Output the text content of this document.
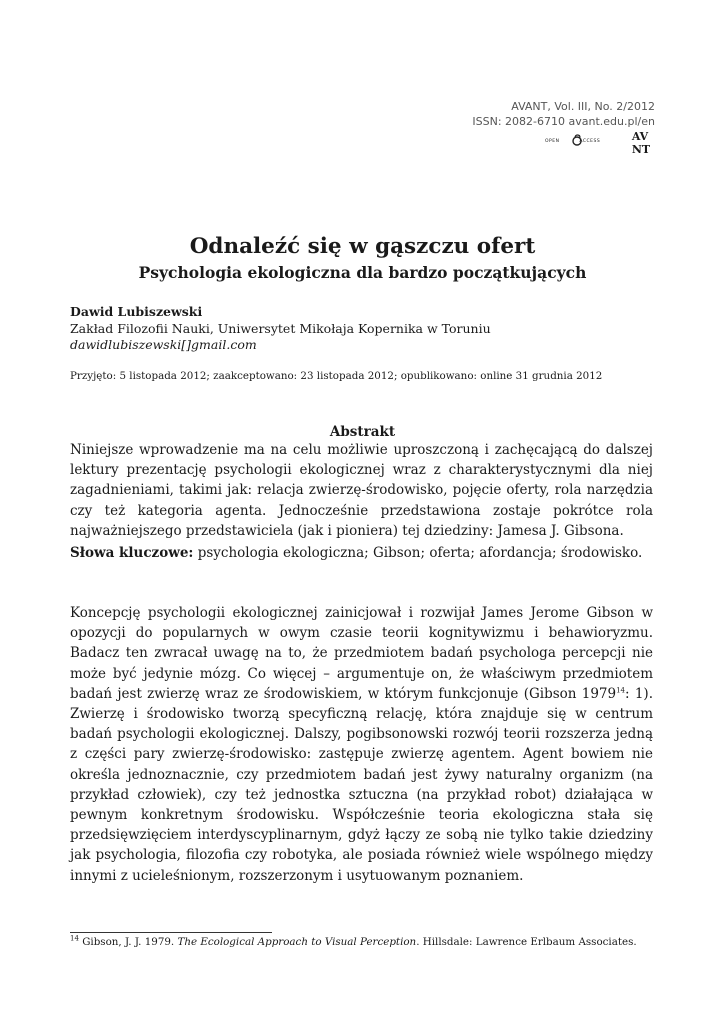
AVANT, Vol. III, No. 2/2012
ISSN: 2082-6710 avant.edu.pl/en
OPEN	ACCESS	AV
NT
Odnaleźć się w gąszczu ofert
Psychologia ekologiczna dla bardzo początkujących
Dawid Lubiszewski
Zakład Filozofii Nauki, Uniwersytet Mikołaja Kopernika w Toruniu
dawidlubiszewski[]gmail.com
Przyjęto: 5 listopada 2012; zaakceptowano: 23 listopada 2012; opublikowano: online 31 grudnia 2012
Abstrakt

Niniejsze wprowadzenie ma na celu możliwie uproszczoną i zachęcającą do dalszej lektury prezentację psychologii ekologicznej wraz z charakterystycznymi dla niej zagadnieniami, takimi jak: relacja zwierzę-środowisko, pojęcie oferty, rola narzędzia czy też kategoria agenta. Jednocześnie przedstawiona zostaje pokrótce rola najważniejszego przedstawiciela (jak i pioniera) tej dziedziny: Jamesa J. Gibsona.

Słowa kluczowe: psychologia ekologiczna; Gibson; oferta; afordancja; środowisko.

Koncepcję psychologii ekologicznej zainicjował i rozwijał James Jerome Gibson w opozycji do popularnych w owym czasie teorii kognitywizmu i behawioryzmu. Badacz ten zwracał uwagę na to, że przedmiotem badań psychologa percepcji nie może być jedynie mózg. Co więcej – argumentuje on, że właściwym przedmiotem badań jest zwierzę wraz ze środowiskiem, w którym funkcjonuje (Gibson 1979$^{14}$: 1). Zwierzę i środowisko tworzą specyficzną relację, która znajduje się w centrum badań psychologii ekologicznej. Dalszy, pogibsonowski rozwój teorii rozszerza jedną z części pary zwierzę-środowisko: zastępuje zwierzę agentem. Agent bowiem nie określa jednoznacznie, czy przedmiotem badań jest żywy naturalny organizm (na przykład człowiek), czy też jednostka sztuczna (na przykład robot) działająca w pewnym konkretnym środowisku. Współcześnie teoria ekologiczna stała się przedsięwzięciem interdyscyplinarnym, gdyż łączy ze sobą nie tylko takie dziedziny jak psychologia, filozofia czy robotyka, ale posiada również wiele wspólnego między innymi z ucieleśnionym, rozszerzonym i usytuowanym poznaniem.

$^{14}$ Gibson, J. J. 1979. The Ecological Approach to Visual Perception. Hillsdale: Lawrence Erlbaum Associates.
